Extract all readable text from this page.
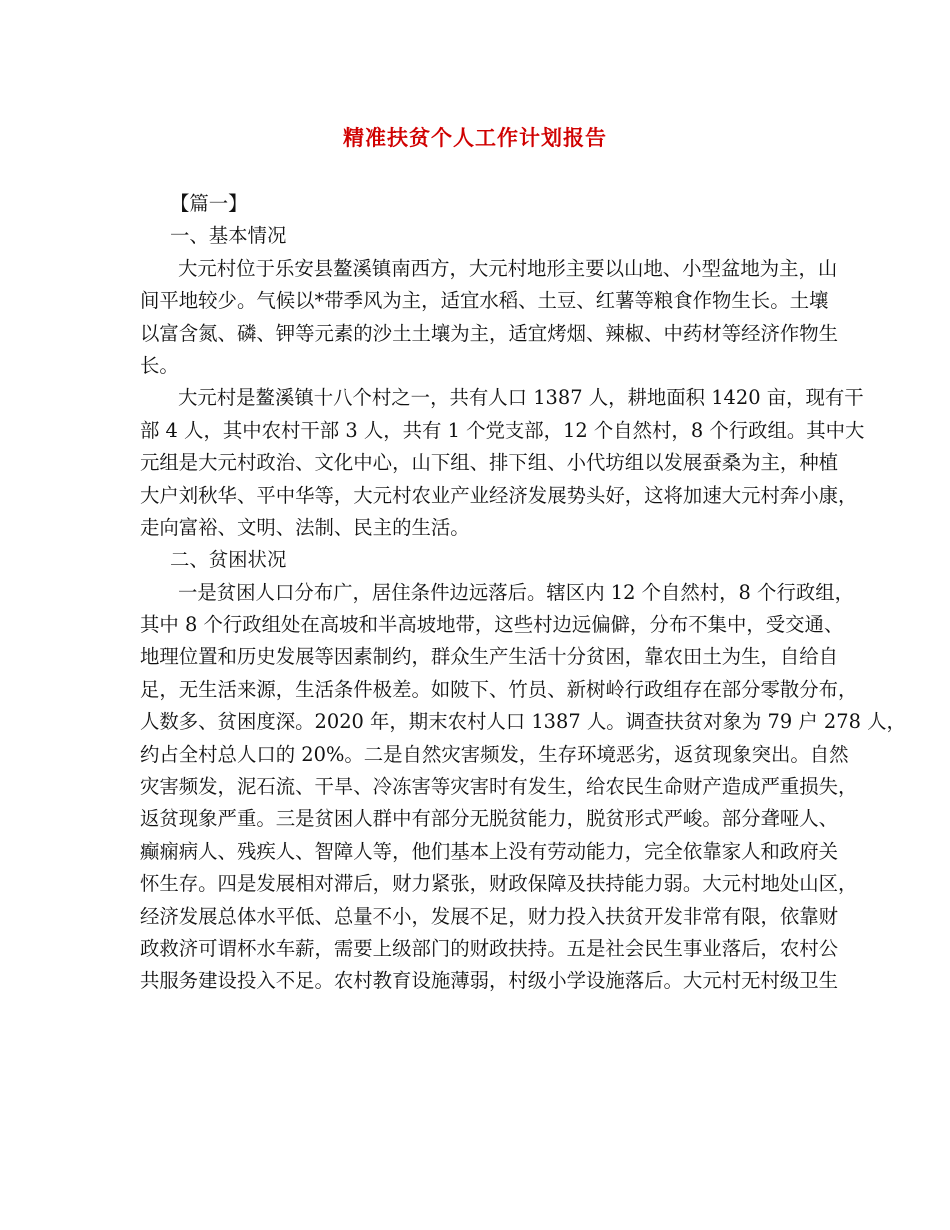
精准扶贫个人工作计划报告
【篇一】
一、基本情况
大元村位于乐安县鳌溪镇南西方，大元村地形主要以山地、小型盆地为主，山
间平地较少。气候以*带季风为主，适宜水稻、土豆、红薯等粮食作物生长。土壤
以富含氮、磷、钾等元素的沙土土壤为主，适宜烤烟、辣椒、中药材等经济作物生
长。
大元村是鳌溪镇十八个村之一，共有人口 1387 人，耕地面积 1420 亩，现有干
部 4 人，其中农村干部 3 人，共有 1 个党支部，12 个自然村，8 个行政组。其中大
元组是大元村政治、文化中心，山下组、排下组、小代坊组以发展蚕桑为主，种植
大户刘秋华、平中华等，大元村农业产业经济发展势头好，这将加速大元村奔小康，
走向富裕、文明、法制、民主的生活。
二、贫困状况
一是贫困人口分布广，居住条件边远落后。辖区内 12 个自然村，8 个行政组，
其中 8 个行政组处在高坡和半高坡地带，这些村边远偏僻，分布不集中，受交通、
地理位置和历史发展等因素制约，群众生产生活十分贫困，靠农田土为生，自给自
足，无生活来源，生活条件极差。如陂下、竹员、新树岭行政组存在部分零散分布，
人数多、贫困度深。2020 年，期末农村人口 1387 人。调查扶贫对象为 79 户 278 人，
约占全村总人口的 20%。二是自然灾害频发，生存环境恶劣，返贫现象突出。自然
灾害频发，泥石流、干旱、冷冻害等灾害时有发生，给农民生命财产造成严重损失，
返贫现象严重。三是贫困人群中有部分无脱贫能力，脱贫形式严峻。部分聋哑人、
癫痫病人、残疾人、智障人等，他们基本上没有劳动能力，完全依靠家人和政府关
怀生存。四是发展相对滞后，财力紧张，财政保障及扶持能力弱。大元村地处山区，
经济发展总体水平低、总量不小，发展不足，财力投入扶贫开发非常有限，依靠财
政救济可谓杯水车薪，需要上级部门的财政扶持。五是社会民生事业落后，农村公
共服务建设投入不足。农村教育设施薄弱，村级小学设施落后。大元村无村级卫生
